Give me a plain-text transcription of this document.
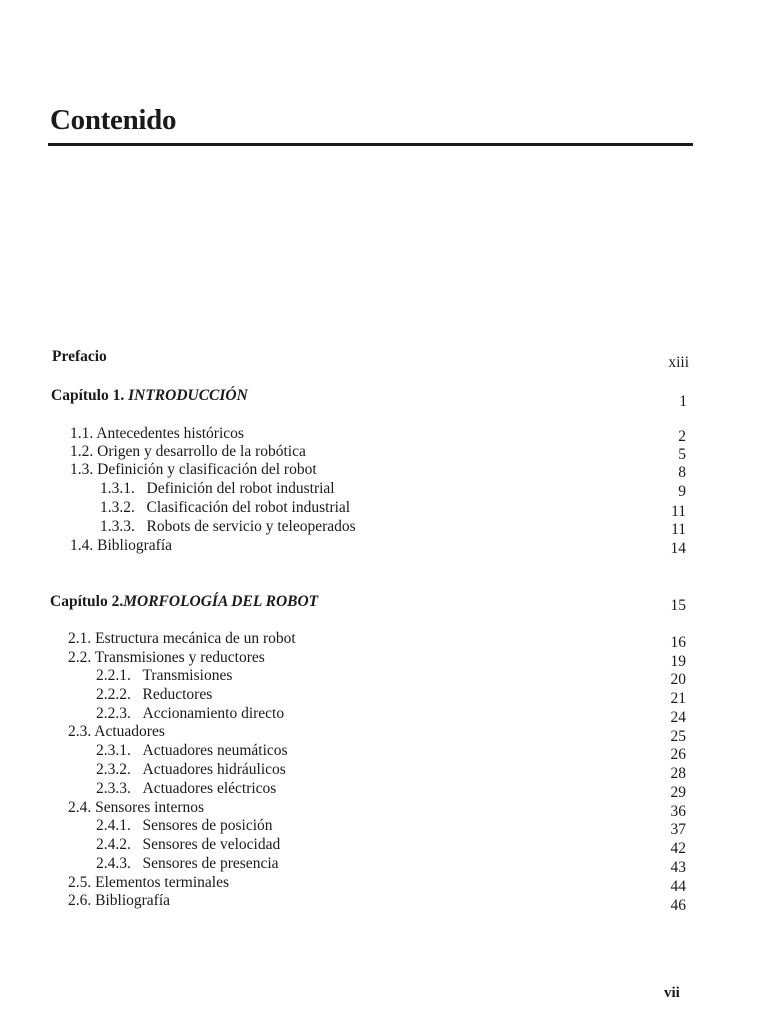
Contenido
Prefacio	xiii
Capítulo 1. INTRODUCCIÓN	1
1.1. Antecedentes históricos	2
1.2. Origen y desarrollo de la robótica	5
1.3. Definición y clasificación del robot	8
1.3.1. Definición del robot industrial	9
1.3.2. Clasificación del robot industrial	11
1.3.3. Robots de servicio y teleoperados	11
1.4. Bibliografía	14
Capítulo 2.MORFOLOGÍA DEL ROBOT	15
2.1. Estructura mecánica de un robot	16
2.2. Transmisiones y reductores	19
2.2.1. Transmisiones	20
2.2.2. Reductores	21
2.2.3. Accionamiento directo	24
2.3. Actuadores	25
2.3.1. Actuadores neumáticos	26
2.3.2. Actuadores hidráulicos	28
2.3.3. Actuadores eléctricos	29
2.4. Sensores internos	36
2.4.1. Sensores de posición	37
2.4.2. Sensores de velocidad	42
2.4.3. Sensores de presencia	43
2.5. Elementos terminales	44
2.6. Bibliografía	46
vii
